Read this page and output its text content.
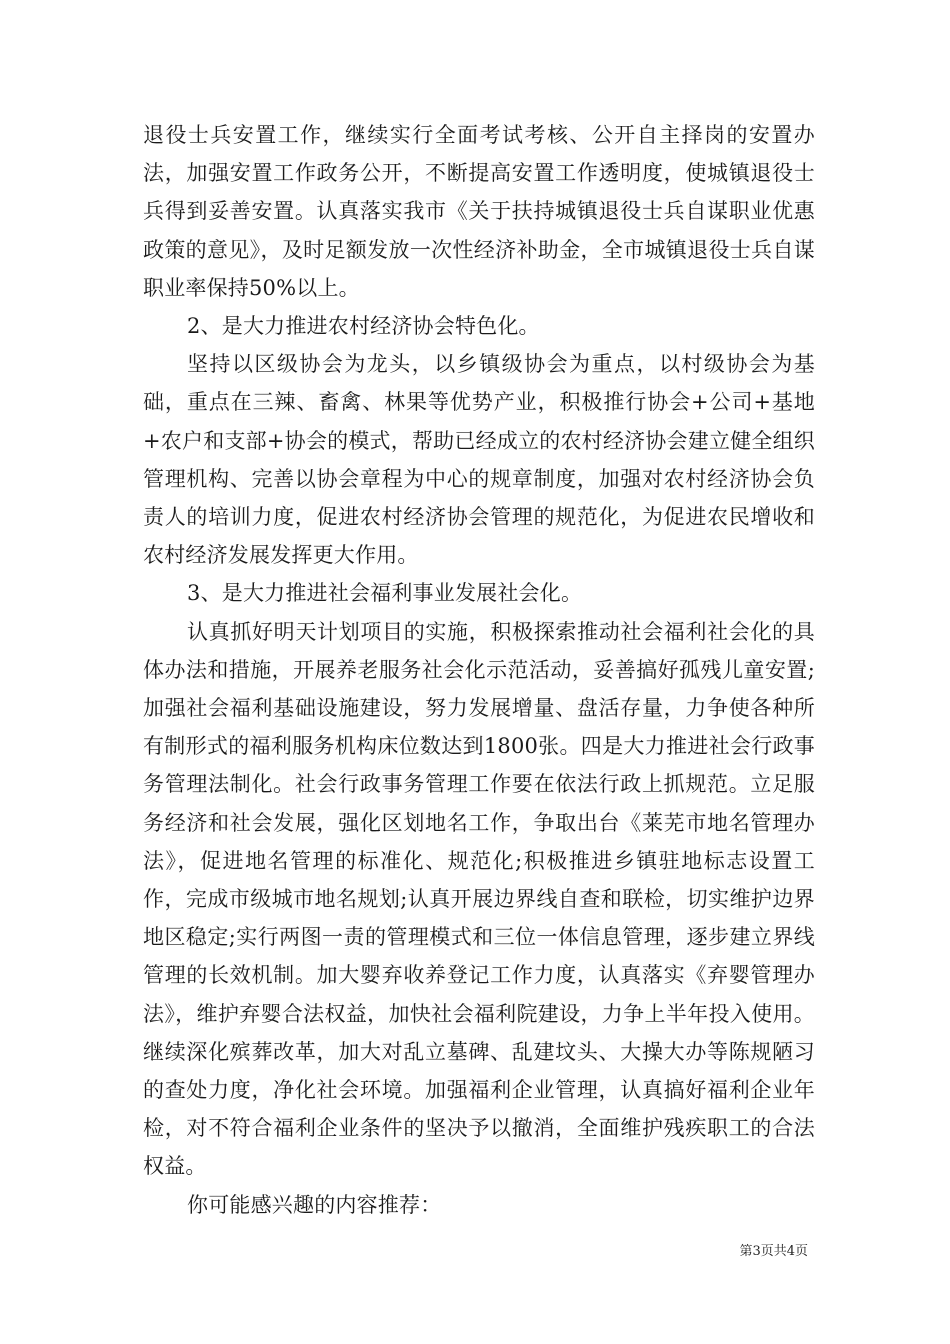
退役士兵安置工作，继续实行全面考试考核、公开自主择岗的安置办法，加强安置工作政务公开，不断提高安置工作透明度，使城镇退役士兵得到妥善安置。认真落实我市《关于扶持城镇退役士兵自谋职业优惠政策的意见》，及时足额发放一次性经济补助金，全市城镇退役士兵自谋职业率保持50%以上。

2、是大力推进农村经济协会特色化。

坚持以区级协会为龙头，以乡镇级协会为重点，以村级协会为基础，重点在三辣、畜禽、林果等优势产业，积极推行协会+公司+基地+农户和支部+协会的模式，帮助已经成立的农村经济协会建立健全组织管理机构、完善以协会章程为中心的规章制度，加强对农村经济协会负责人的培训力度，促进农村经济协会管理的规范化，为促进农民增收和农村经济发展发挥更大作用。

3、是大力推进社会福利事业发展社会化。

认真抓好明天计划项目的实施，积极探索推动社会福利社会化的具体办法和措施，开展养老服务社会化示范活动，妥善搞好孤残儿童安置;加强社会福利基础设施建设，努力发展增量、盘活存量，力争使各种所有制形式的福利服务机构床位数达到1800张。四是大力推进社会行政事务管理法制化。社会行政事务管理工作要在依法行政上抓规范。立足服务经济和社会发展，强化区划地名工作，争取出台《莱芜市地名管理办法》，促进地名管理的标准化、规范化;积极推进乡镇驻地标志设置工作，完成市级城市地名规划;认真开展边界线自查和联检，切实维护边界地区稳定;实行两图一责的管理模式和三位一体信息管理，逐步建立界线管理的长效机制。加大婴弃收养登记工作力度，认真落实《弃婴管理办法》，维护弃婴合法权益，加快社会福利院建设，力争上半年投入使用。继续深化殡葬改革，加大对乱立墓碑、乱建坟头、大操大办等陈规陋习的查处力度，净化社会环境。加强福利企业管理，认真搞好福利企业年检，对不符合福利企业条件的坚决予以撤消，全面维护残疾职工的合法权益。

你可能感兴趣的内容推荐：

第3页共4页
